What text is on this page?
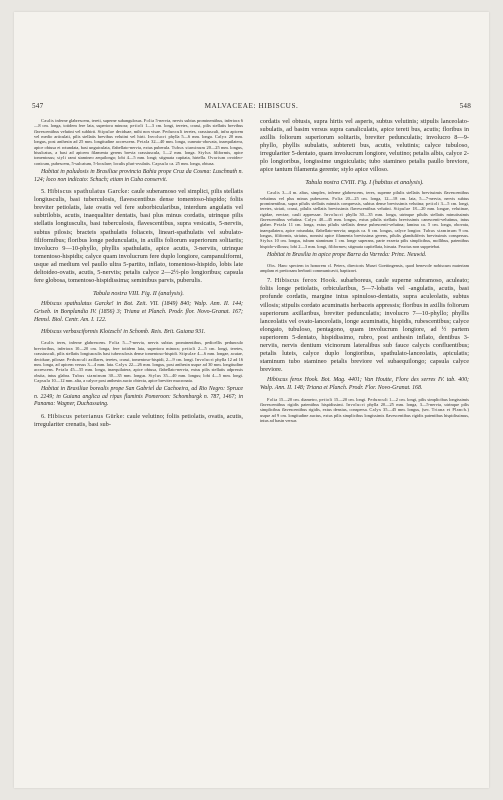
547	MALVACEAE: HIBISCUS.	548

Caulis inferne glabrescens, tereti, superne subangulosus. Folia 5-nervia, nervis subtus prominentibus, inferiora 6—8 cm. longa, totidem fere lata, superiora minora; petioli 1—3 cm. longi, teretes, crassi, pilis stellatis brevibus flavescentibus velutini vel subhirti. Stipulae deciduae, mihi non visae. Pedunculi teretes, crassiusculi, infra apicem vel medio articulati, pilis stellatis brevibus velutini vel hirti. Involucri phylla 5—6 mm. longa. Calyx 20 mm. longus, post anthesin ad 25 mm. longitudine accrescens. Petala 32—40 mm. longa, cuneato-obovata, inaequilatera, apice obtusa et rotundata, basi unguiculata, flabellato-nervia, extus puberula. Tubus staminum 20—25 mm. longus, bisulcatus, a basi ad apicem filamenta gerens brevia crassiuscula, 1—2 mm. longa. Stylus filiformis, apice tomentosus; styli rami stamineo aequilongo; lobi 4—5 mm. longi; stigmata capitata, hirtella. Ovarium ovoideo-conicum, pubescens, 5-sulcatum, 5-loculare; loculis pluri-ovulatis. Capsula ca. 25 mm. longa, obtusa.

Habitat in paludosis in Brasiliae provincia Bahia prope Cruz da Cosma: Luschnath n. 124; loco non indicato: Schuch; etiam in Cuba conservit.

5. Hibiscus spathulatus Garcke: caule suberamoso vel simplici, pilis stellatis longiusculis, basi tuberculosis, flavescentibus dense tomentoso-hispido; foliis breviter petiolatis, late ovatis vel fere suborbicularibus, interdum angulatis vel subtrilobis, acutis, inaequaliter dentatis, basi plus minus cordatis, utrinque pilis stellatis longiusculis, basi tuberculosis, flavescentibus, supra vesicatis, 5-nerviis, subtus pilosis; bracteis spathulatis foliaceis, lineari-spathulatis vel subulato-filiformibus; floribus longe pedunculatis, in axillis foliorum superiorum solitariis; involucro 9—10-phyllo, phyllis spathulatis, apice acutis, 3-nerviis, utrinque tomentoso-hispidis; calyce quam involucrum fere duplo longiore, campanuliformi, usque ad medium vel paullo ultra 5-partito, inflato, tomentoso-hispido, lobis late deltoideo-ovatis, acutis, 5-nerviis; petalis calyce 2—2½-plo longioribus; capsula fere globosa, tomentoso-hispidissima; seminibus parvis, puberulis.

Tabula nostra VIII. Fig. II (analysis).

Hibiscus spathulatus Garcke! in Bot. Zeit. VII. (1849) 840; Walp. Ann. II. 144; Griseb. in Bonplandia IV. (1856) 3; Triana et Planch. Prodr. flor. Novo-Granat. 167; Hemsl. Biol. Centr. Am. I. 122.

Hibiscus verbasciformis Klotzsch! in Schomb. Reis. Brit. Guiana 931.

Caulis teres, inferne glabrescens. Folia 5—7-nervia, nervis subtus prominentibus, pedicellis pedunculo brevioribus, inferiora 10—20 cm. longa, fere totidem lata, superiora minora; petioli 2—5 cm. longi, teretes, crassiusculi, pilis stellatis longiusculis basi tuberculosis dense tomentoso-hispidi. Stipulae 4—6 mm. longae, acutae, deciduae, pilosae. Pedunculi axillares, teretes, crassi, tomentoso-hispidi, 2—9 cm. longi. Involucri phylla 12 ad 16 mm. longa, ad apicem versus 3—4 mm. lata. Calyx 22—26 mm. longus, post anthesin usque ad 30 mm. longitudine accrescens. Petala 45—55 mm. longa, inaequilatera, apice obtusa, flabellato-nervia, extus pilis stellatis adpressis obsita, intus glabra. Tubus staminum 30—35 mm. longus. Stylus 35—40 mm. longus; lobi 4—5 mm. longi. Capsula 10—12 mm. alta, a calyce post anthesin aucto obtecta, apice breviter mucronata.

Habitat in Brasiliae borealis prope San Gabriel da Cachoeira, ad Rio Negro: Spruce n. 2249; in Guiana anglica ad ripas fluminis Pomeroon: Schomburgk n. 787, 1467; in Panama: Wagner, Duchassaing.

6. Hibiscus peterianus Gürke: caule velutino; foliis petiolatis, ovatis, acutis, irregulariter crenatis, basi sub-

cordatis vel obtusis, supra hirtis vel asperis, subtus velutinis; stipulis lanceolato-subulatis, ad basim versus supra canaliculatis, apice tereti bus, acutis; floribus in axillis foliorum superiorum solitariis, breviter pedunculatis; involucro 8—9-phyllo, phyllis subulatis, subtereti bus, acutis, velutinis; calyce tubuloso, irregulariter 5-dentato, quam involucrum longiore, velutino; petalis albis, calyce 2-plo longioribus, longissime unguiculatis; tubo stamineo petalis paullo breviore, apice tantum filamenta gerente; stylo apice villoso.

Tabula nostra CVIII. Fig. I (habitus et analysis).

Caulis 3—4 m. altus, simplex, inferne glabrescens, teres, superne pilulis stellatis brevissimis flavescentibus velutinus vel plus minus pubescens. Folia 20—25 cm. longa, 12—18 cm. lata, 5—7-nervia, nervis subtus prominentibus, supra pilulis stellatis minutis compressis, subtus dense brevissimis velutina; petioli 3—5 cm. longi, teretes, striati, crassi, pilulis stellatis brevissimis flavescentibus velutini. Stipulae 18—20 mm. longae, velutinae, rigidae, erectae, cauli appressae. Involucri phylla 30—35 mm. longa, utrinque pilulis stellatis minutissimis flavescentibus velutina. Calyx 40—45 mm. longus, extus pilulis stellatis brevissimis canescenti-velutinus, intus glaber. Petala 11 cm. longa, extus pilulis stellatis dense pubescenti-velutina; lamina ca. 5 cm. longa, obovata, inaequilatera, apice rotundata, flabellato-nervia; unguis ca. 6 cm. longus, calyce longior. Tubus staminum 9 cm. longus, filiformis, striatus, nonnisi apice filamenta brevissima gerens, pilulis glanduliferis brevissimis conspersus. Stylus 10 cm. longus, tubum staminum 1 cm. longe superans, parte exserta pilis simplicibus, mollibus, patentibus hispido-villosus; lobi 2—3 mm. longi, filiformes; stigmata capitellata, hirsuta. Fructus non suppetebat.

Habitat in Brasilia in apice prope Barra da Varreda: Princ. Neuwid.

Obs. Hanc speciem in honorem cl. Peters, directoris Musei Goettingensis, quod benevole nobiscum materiam amplam et pretiosam herbarii communicavit, baptizavi.

7. Hibiscus ferox Hook. subarboreus, caule superne subramoso, aculeato; foliis longe petiolatis, orbicularibus, 5—7-lobatis vel -angulatis, acutis, basi profunde cordatis, margine intus spinuloso-dentatis, supra aculeolatis, subtus villosis; stipulis cordato acuminatis herbaceis appressis; floribus in axillis foliorum superiorum axillaribus, breviter pedunculatis; involucro 7—10-phyllo; phyllis lanceolatis vel ovato-lanceolatis, longe acuminatis, hispidis, rubescentibus; calyce elongato, tubuloso, pentagono, quam involucrum longiore, ad ½ partem superiorem 5-dentato, hispidissimo, rubro, post anthesin inflato, dentibus 3-nerviis, nervis dentium vicinorum lateralibus sub fauce calycis confluentibus; petalis luteis, calyce duplo longioribus, spathulato-lanceolatis, apiculatis; staminum tubo stamineo petalis breviore vel subaequilongo; capsula calyce breviore.

Hibiscus ferox Hook. Bot. Mag. 4401; Van Houtte, Flore des serres IV. tab. 400; Walp. Ann. II. 148; Triana et Planch. Prodr. Flor. Novo-Granat. 168.

Folia 15—20 cm. diametro, petioli 15—20 cm. longi. Pedunculi 1—2 cm. longi, pilis simplicibus longissimis flavescentibus rigidis patentibus hispidissimi. Involucri phylla 20—25 mm. longa, 3—5-nervia, utrinque pilis simplicibus flavescentibus rigidis, extus densius, conspersa. Calyx 35—45 mm. longus, (sec. Triana et Planch.) usque ad 9 cm. longitudine auctus, extus pilis simplicibus longissimis flavescentibus rigidis patentibus hispidissimus, intus ad basin versus
